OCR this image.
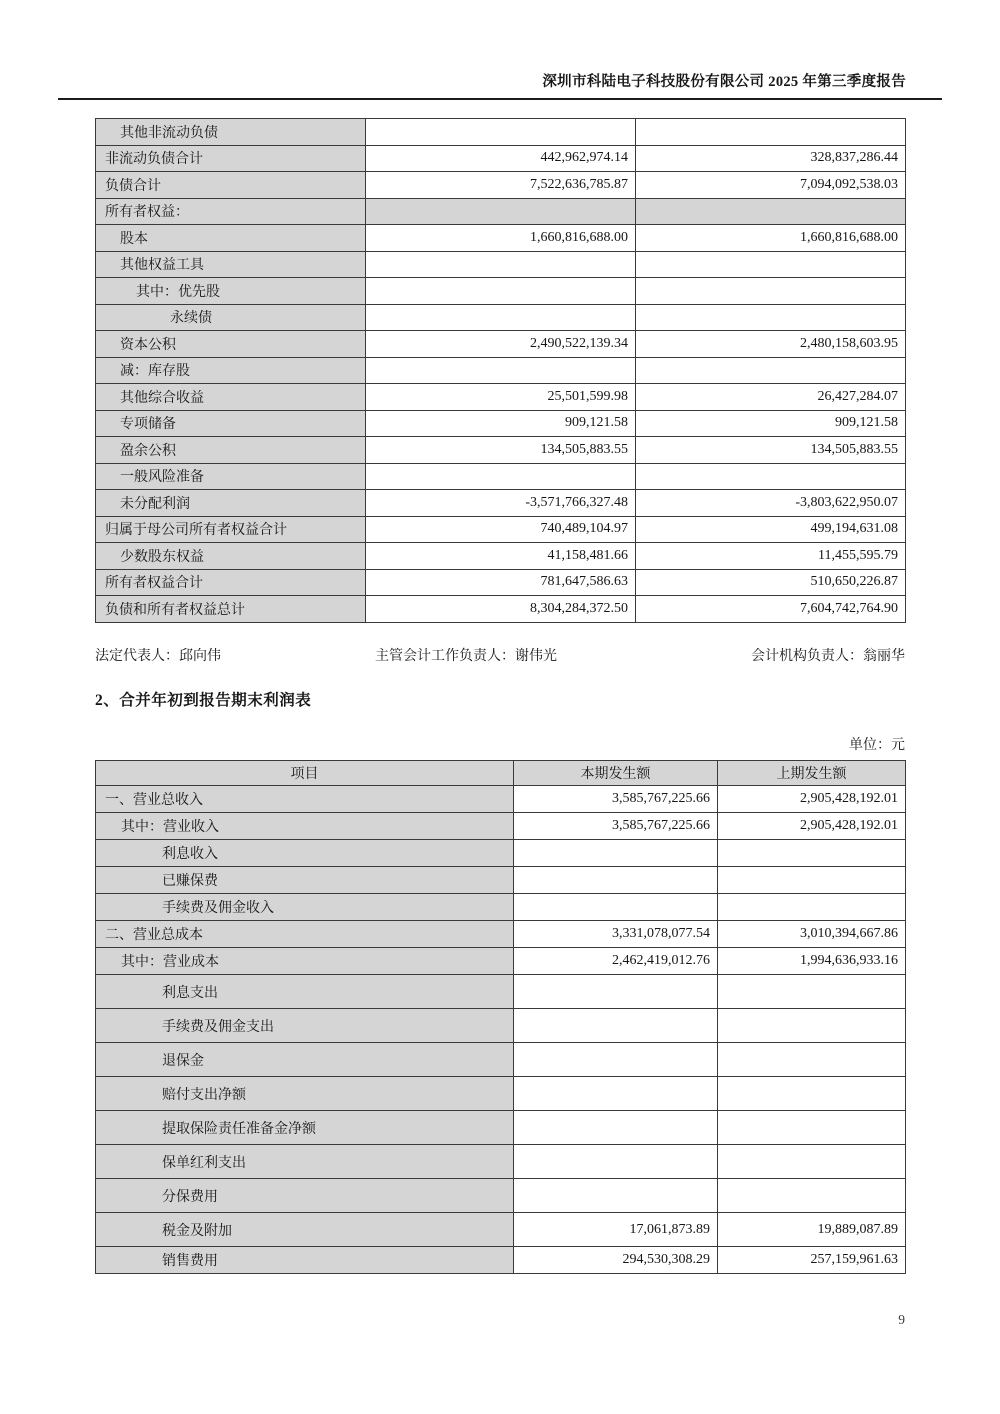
深圳市科陆电子科技股份有限公司 2025 年第三季度报告
其他非流动负债		
非流动负债合计	442,962,974.14	328,837,286.44
负债合计	7,522,636,785.87	7,094,092,538.03
所有者权益：		
股本	1,660,816,688.00	1,660,816,688.00
其他权益工具		
其中：优先股		
永续债		
资本公积	2,490,522,139.34	2,480,158,603.95
减：库存股		
其他综合收益	25,501,599.98	26,427,284.07
专项储备	909,121.58	909,121.58
盈余公积	134,505,883.55	134,505,883.55
一般风险准备		
未分配利润	-3,571,766,327.48	-3,803,622,950.07
归属于母公司所有者权益合计	740,489,104.97	499,194,631.08
少数股东权益	41,158,481.66	11,455,595.79
所有者权益合计	781,647,586.63	510,650,226.87
负债和所有者权益总计	8,304,284,372.50	7,604,742,764.90
法定代表人：邱向伟	主管会计工作负责人：谢伟光	会计机构负责人：翁丽华
2、合并年初到报告期末利润表
单位：元
项目	本期发生额	上期发生额
一、营业总收入	3,585,767,225.66	2,905,428,192.01
其中：营业收入	3,585,767,225.66	2,905,428,192.01
利息收入		
已赚保费		
手续费及佣金收入		
二、营业总成本	3,331,078,077.54	3,010,394,667.86
其中：营业成本	2,462,419,012.76	1,994,636,933.16
利息支出		
手续费及佣金支出		
退保金		
赔付支出净额		
提取保险责任准备金净额		
保单红利支出		
分保费用		
税金及附加	17,061,873.89	19,889,087.89
销售费用	294,530,308.29	257,159,961.63
9
